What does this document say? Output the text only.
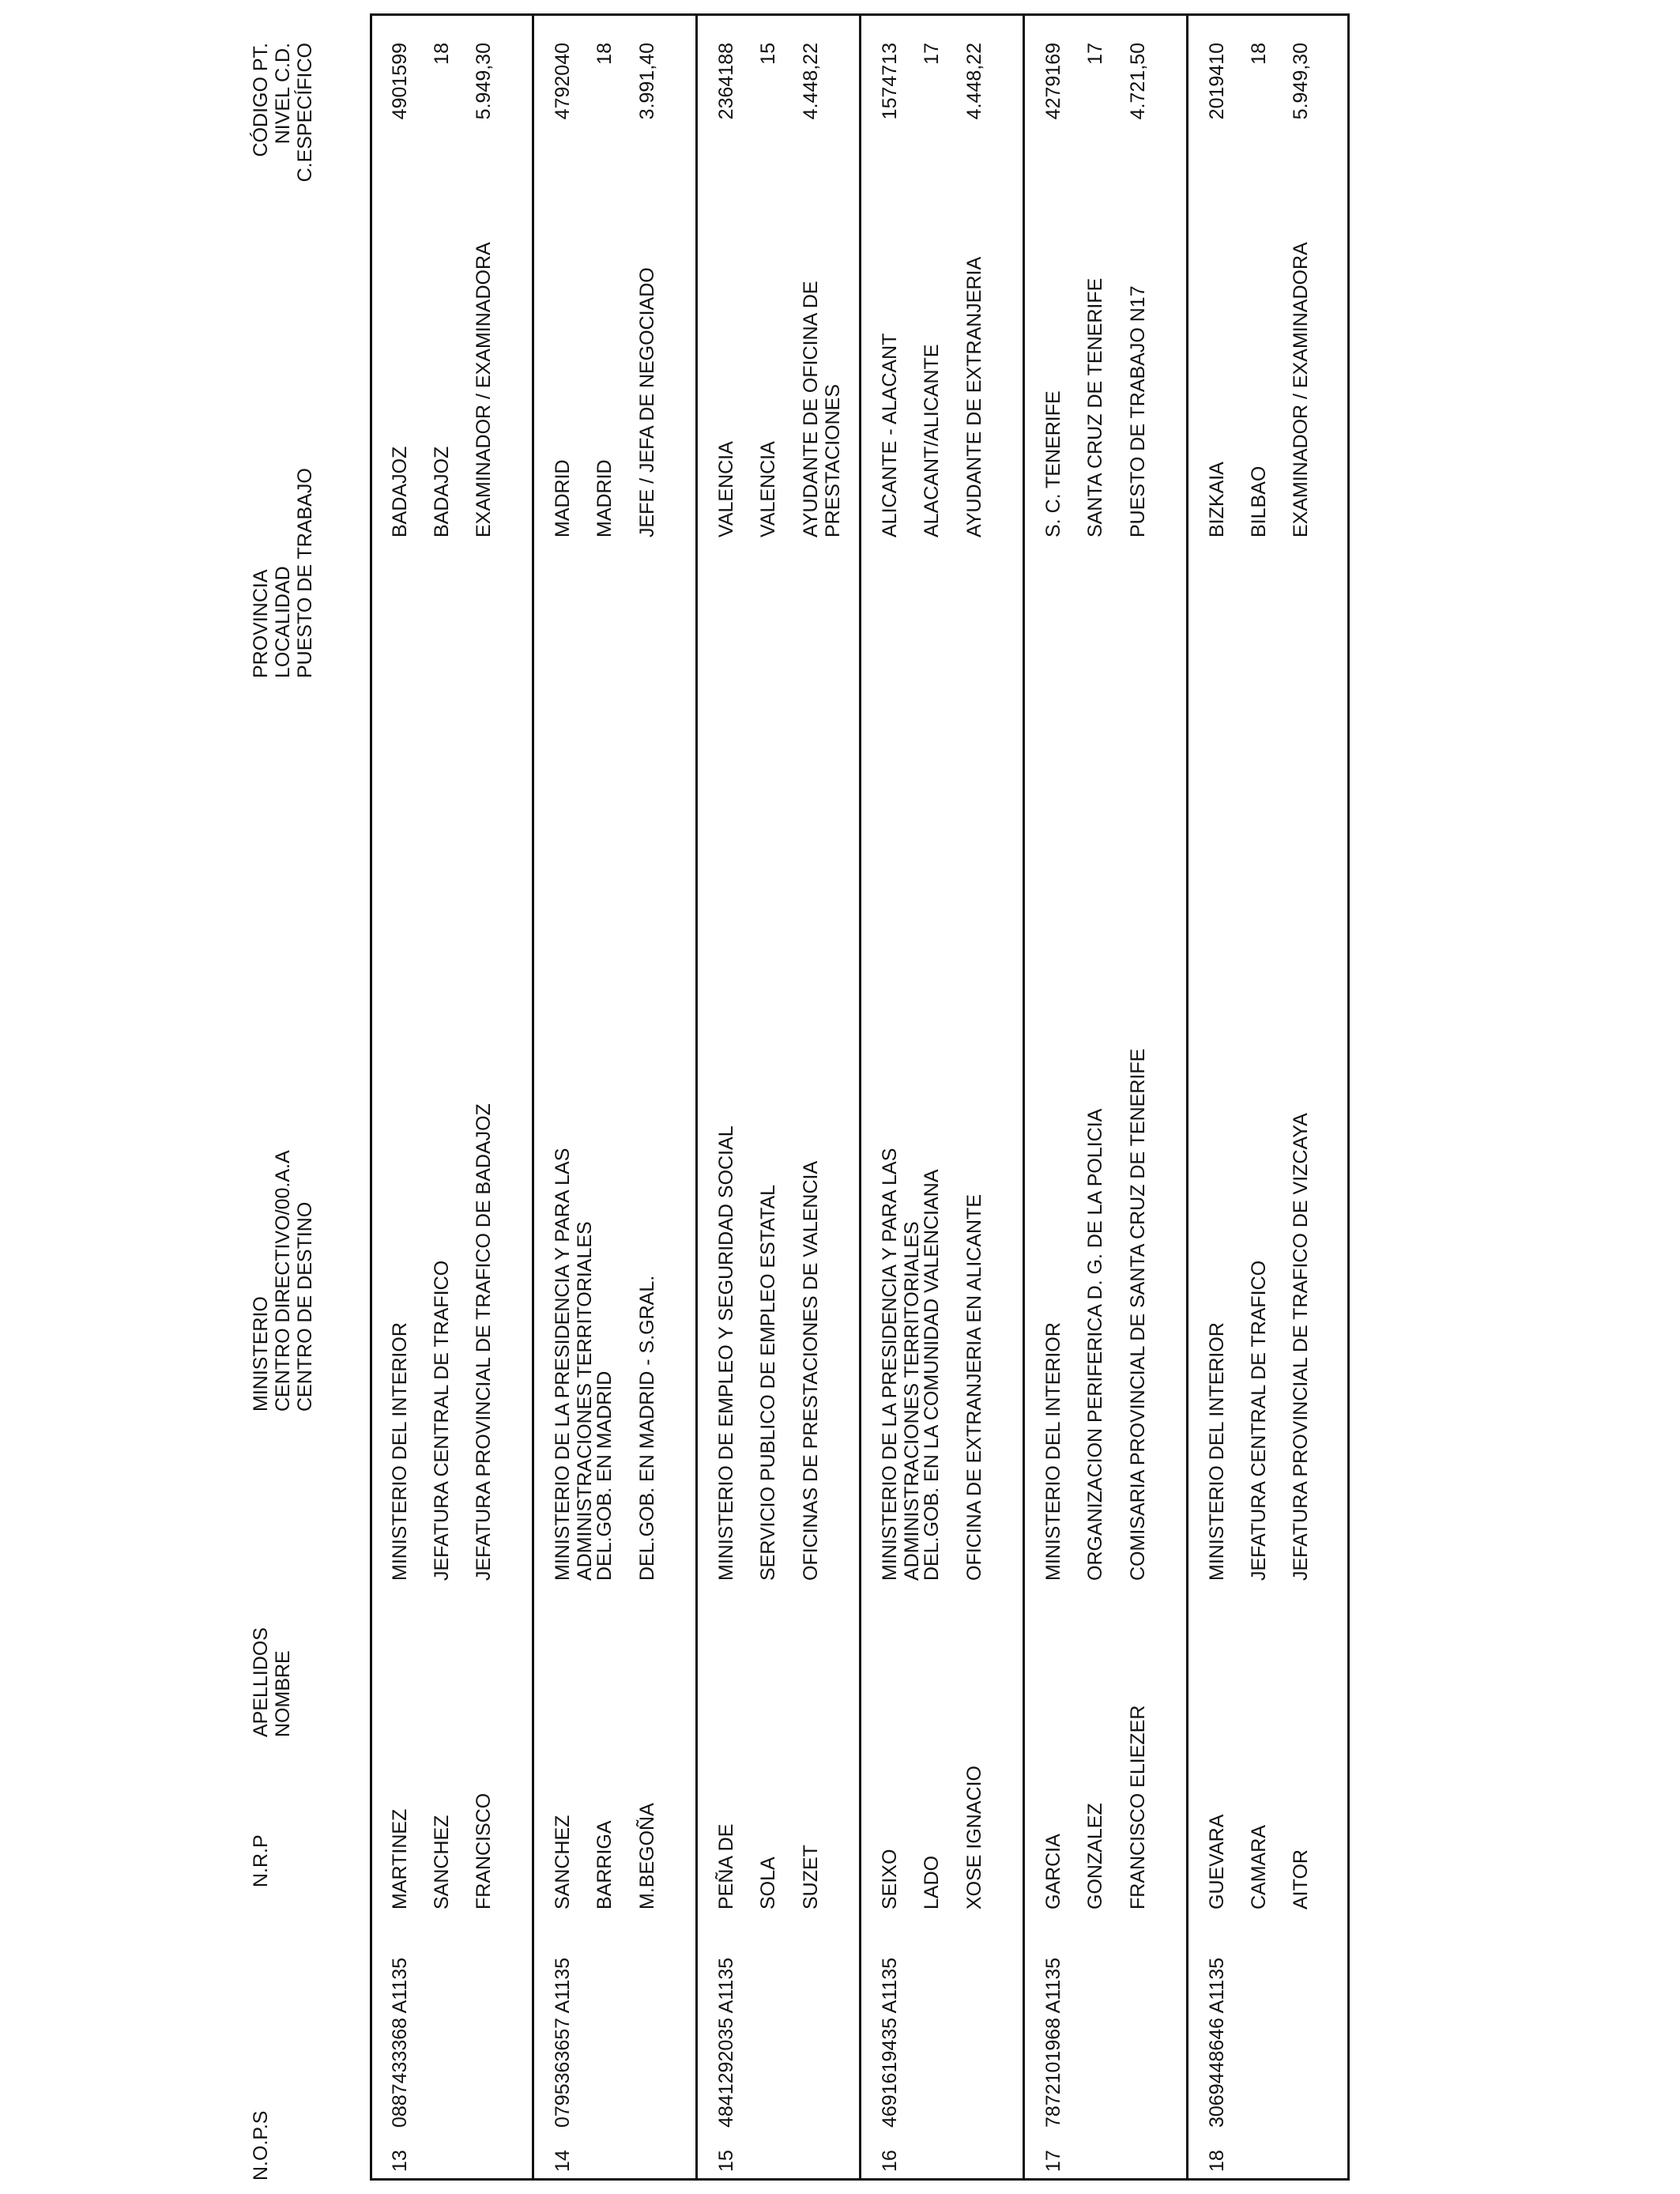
N.O.P.S
N.R.P
APELLIDOS NOMBRE
MINISTERIO CENTRO DIRECTIVO/00.A.A CENTRO DE DESTINO
PROVINCIA LOCALIDAD PUESTO DE TRABAJO
CÓDIGO PT. NIVEL C.D. C.ESPECÍFICO
13
0887433368 A1135
MARTINEZ SANCHEZ FRANCISCO
MINISTERIO DEL INTERIOR JEFATURA CENTRAL DE TRAFICO JEFATURA PROVINCIAL DE TRAFICO DE BADAJOZ
BADAJOZ BADAJOZ EXAMINADOR / EXAMINADORA
4901599 18 5.949,30
14
0795363657 A1135
SANCHEZ BARRIGA M.BEGOÑA
MINISTERIO DE LA PRESIDENCIA Y PARA LAS ADMINISTRACIONES TERRITORIALES
DEL.GOB. EN MADRID DEL.GOB. EN MADRID - S.GRAL.
MADRID MADRID JEFE / JEFA DE NEGOCIADO
4792040 18 3.991,40
15
4841292035 A1135
PEÑA DE SOLA SUZET
MINISTERIO DE EMPLEO Y SEGURIDAD SOCIAL SERVICIO PUBLICO DE EMPLEO ESTATAL OFICINAS DE PRESTACIONES DE VALENCIA
VALENCIA VALENCIA AYUDANTE DE OFICINA DE PRESTACIONES
2364188 15 4.448,22
16
4691619435 A1135
SEIXO LADO XOSE IGNACIO
MINISTERIO DE LA PRESIDENCIA Y PARA LAS ADMINISTRACIONES TERRITORIALES
DEL.GOB. EN LA COMUNIDAD VALENCIANA OFICINA DE EXTRANJERIA EN ALICANTE
ALICANTE - ALACANT ALACANT/ALICANTE AYUDANTE DE EXTRANJERIA
1574713 17 4.448,22
17
7872101968 A1135
GARCIA GONZALEZ FRANCISCO ELIEZER
MINISTERIO DEL INTERIOR ORGANIZACION PERIFERICA D. G. DE LA POLICIA COMISARIA PROVINCIAL DE SANTA CRUZ DE TENERIFE
S. C. TENERIFE SANTA CRUZ DE TENERIFE PUESTO DE TRABAJO N17
4279169 17 4.721,50
18
3069448646 A1135
GUEVARA CAMARA AITOR
MINISTERIO DEL INTERIOR JEFATURA CENTRAL DE TRAFICO JEFATURA PROVINCIAL DE TRAFICO DE VIZCAYA
BIZKAIA BILBAO EXAMINADOR / EXAMINADORA
2019410 18 5.949,30
